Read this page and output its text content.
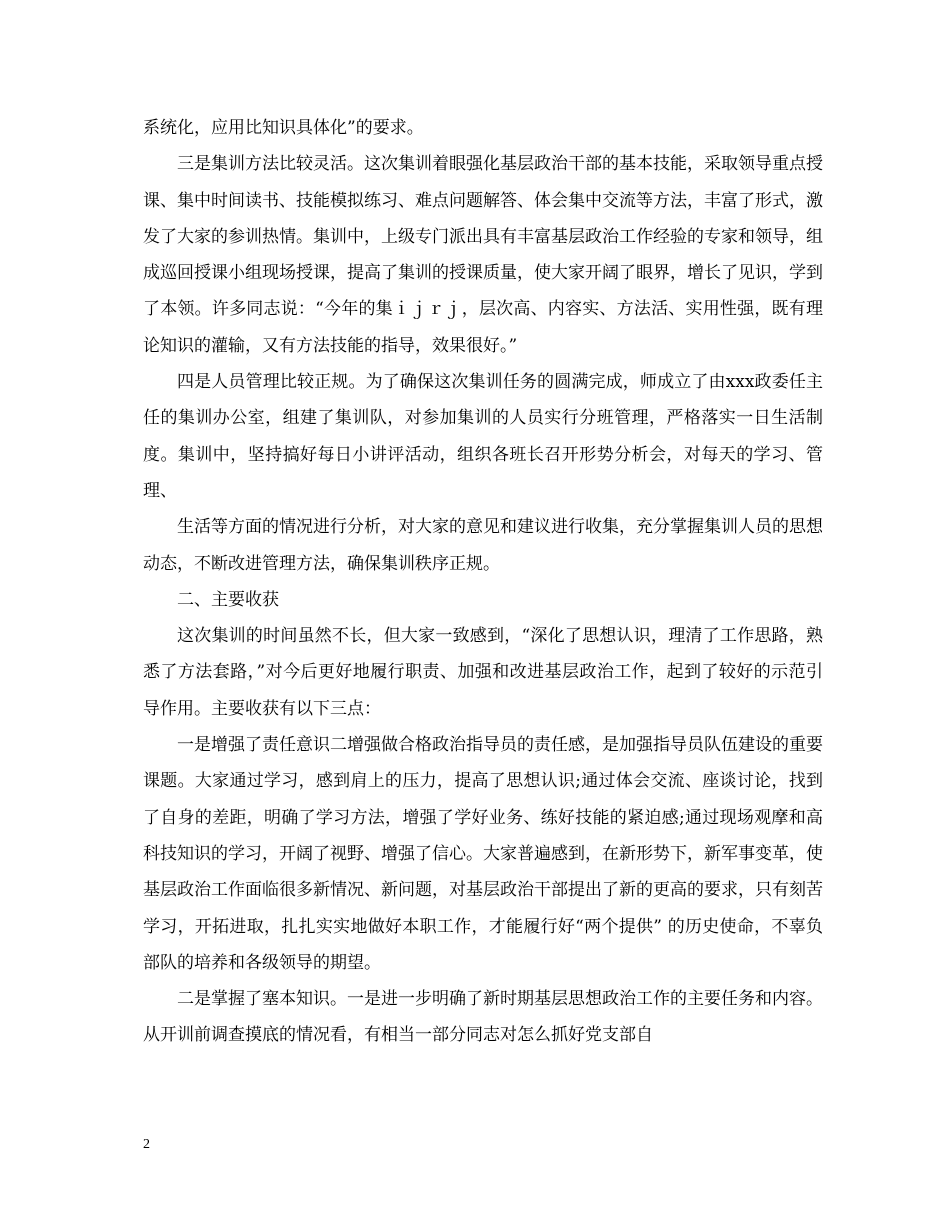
系统化，应用比知识具体化”的要求。

三是集训方法比较灵活。这次集训着眼强化基层政治干部的基本技能，采取领导重点授课、集中时间读书、技能模拟练习、难点问题解答、体会集中交流等方法，丰富了形式，激发了大家的参训热情。集训中，上级专门派出具有丰富基层政治工作经验的专家和领导，组成巡回授课小组现场授课，提高了集训的授课质量，使大家开阔了眼界，增长了见识，学到了本领。许多同志说：“今年的集ｉｊｒｊ，层次高、内容实、方法活、实用性强，既有理论知识的灌输，又有方法技能的指导，效果很好。”

四是人员管理比较正规。为了确保这次集训任务的圆满完成，师成立了由xxx政委任主任的集训办公室，组建了集训队，对参加集训的人员实行分班管理，严格落实一日生活制度。集训中，坚持搞好每日小讲评活动，组织各班长召开形势分析会，对每天的学习、管理、

生活等方面的情况进行分析，对大家的意见和建议进行收集，充分掌握集训人员的思想动态，不断改进管理方法，确保集训秩序正规。

二、主要收获

这次集训的时间虽然不长，但大家一致感到，“深化了思想认识，理清了工作思路，熟悉了方法套路，”对今后更好地履行职责、加强和改进基层政治工作，起到了较好的示范引导作用。主要收获有以下三点：

一是增强了责任意识二增强做合格政治指导员的责任感，是加强指导员队伍建设的重要课题。大家通过学习，感到肩上的压力，提高了思想认识;通过体会交流、座谈讨论，找到了自身的差距，明确了学习方法，增强了学好业务、练好技能的紧迫感;通过现场观摩和高科技知识的学习，开阔了视野、增强了信心。大家普遍感到，在新形势下，新军事变革，使基层政治工作面临很多新情况、新问题，对基层政治干部提出了新的更高的要求，只有刻苦学习，开拓进取，扎扎实实地做好本职工作，才能履行好“两个提供” 的历史使命，不辜负部队的培养和各级领导的期望。

二是掌握了塞本知识。一是进一步明确了新时期基层思想政治工作的主要任务和内容。从开训前调查摸底的情况看，有相当一部分同志对怎么抓好党支部自

2
